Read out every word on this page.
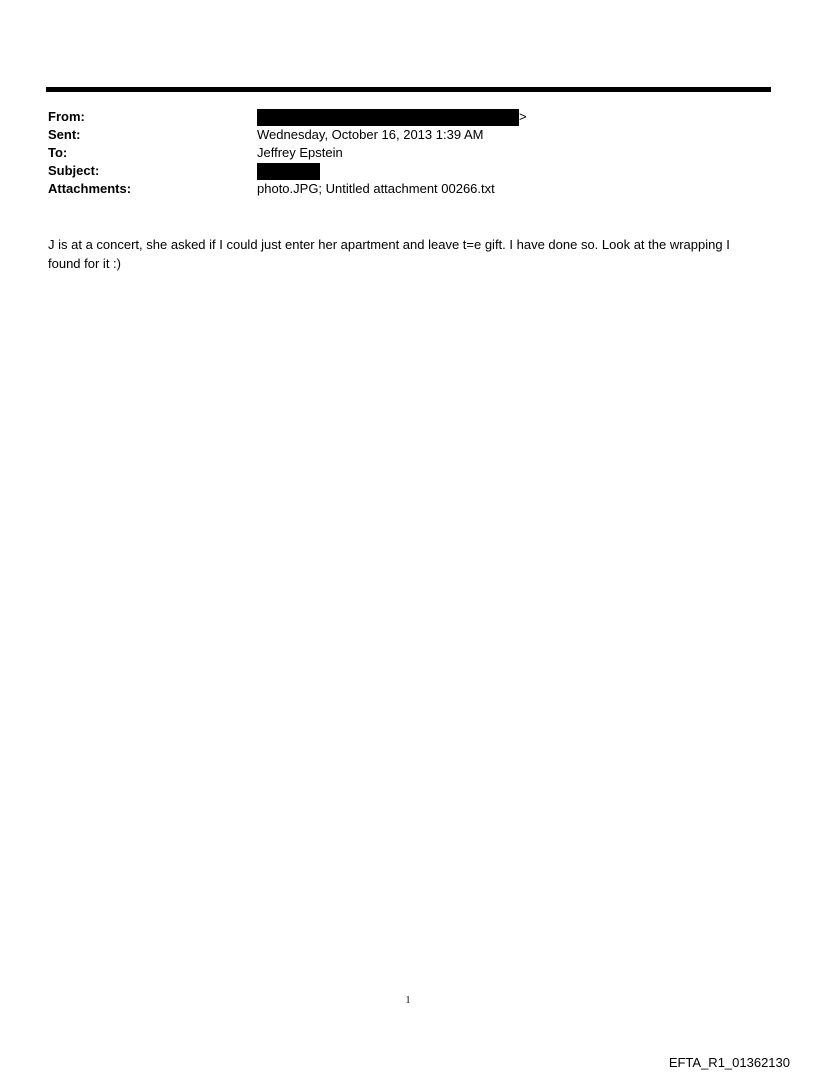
From:	>
Sent:	Wednesday, October 16, 2013 1:39 AM
To:	Jeffrey Epstein
Subject:
Attachments:	photo.JPG; Untitled attachment 00266.txt
J is at a concert, she asked if I could just enter her apartment and leave t=e gift. I have done so. Look at the wrapping I found for it :)
1
EFTA_R1_01362130
